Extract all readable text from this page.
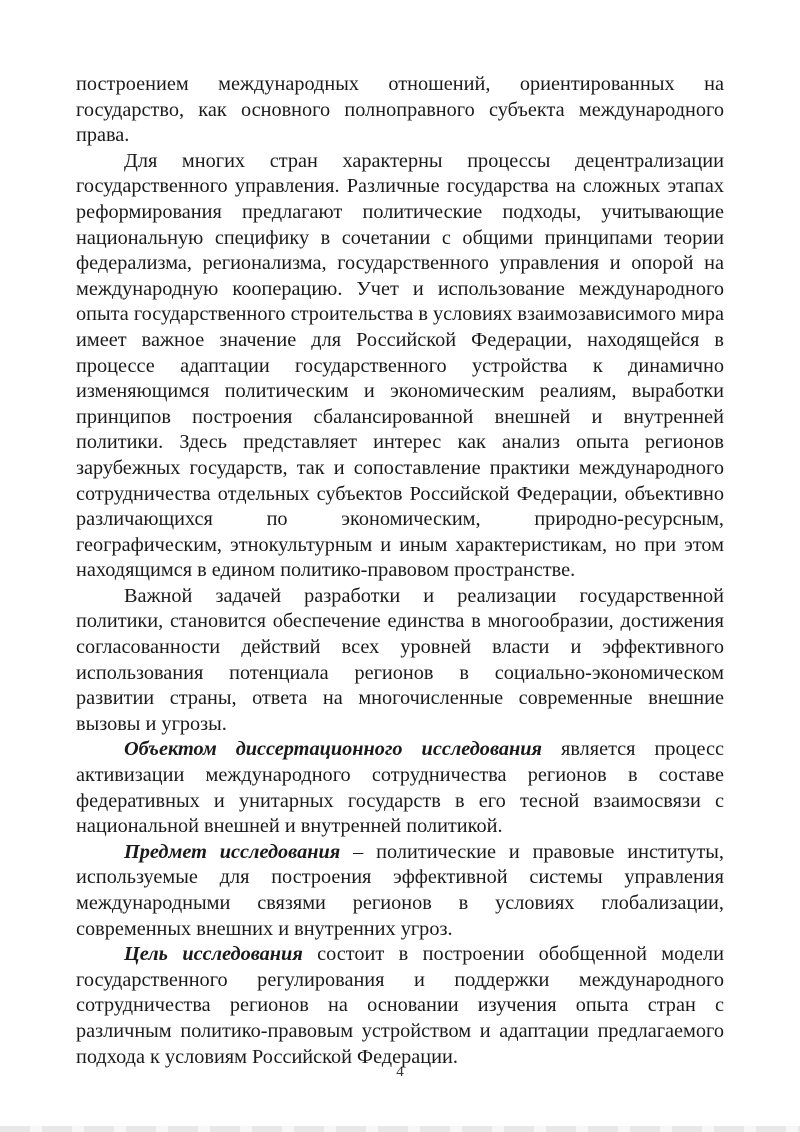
построением международных отношений, ориентированных на государство, как основного полноправного субъекта международного права.

Для многих стран характерны процессы децентрализации государственного управления. Различные государства на сложных этапах реформирования предлагают политические подходы, учитывающие национальную специфику в сочетании с общими принципами теории федерализма, регионализма, государственного управления и опорой на международную кооперацию. Учет и использование международного опыта государственного строительства в условиях взаимозависимого мира имеет важное значение для Российской Федерации, находящейся в процессе адаптации государственного устройства к динамично изменяющимся политическим и экономическим реалиям, выработки принципов построения сбалансированной внешней и внутренней политики. Здесь представляет интерес как анализ опыта регионов зарубежных государств, так и сопоставление практики международного сотрудничества отдельных субъектов Российской Федерации, объективно различающихся по экономическим, природно-ресурсным, географическим, этнокультурным и иным характеристикам, но при этом находящимся в едином политико-правовом пространстве.

Важной задачей разработки и реализации государственной политики, становится обеспечение единства в многообразии, достижения согласованности действий всех уровней власти и эффективного использования потенциала регионов в социально-экономическом развитии страны, ответа на многочисленные современные внешние вызовы и угрозы.

Объектом диссертационного исследования является процесс активизации международного сотрудничества регионов в составе федеративных и унитарных государств в его тесной взаимосвязи с национальной внешней и внутренней политикой.

Предмет исследования – политические и правовые институты, используемые для построения эффективной системы управления международными связями регионов в условиях глобализации, современных внешних и внутренних угроз.

Цель исследования состоит в построении обобщенной модели государственного регулирования и поддержки международного сотрудничества регионов на основании изучения опыта стран с различным политико-правовым устройством и адаптации предлагаемого подхода к условиям Российской Федерации.

4
